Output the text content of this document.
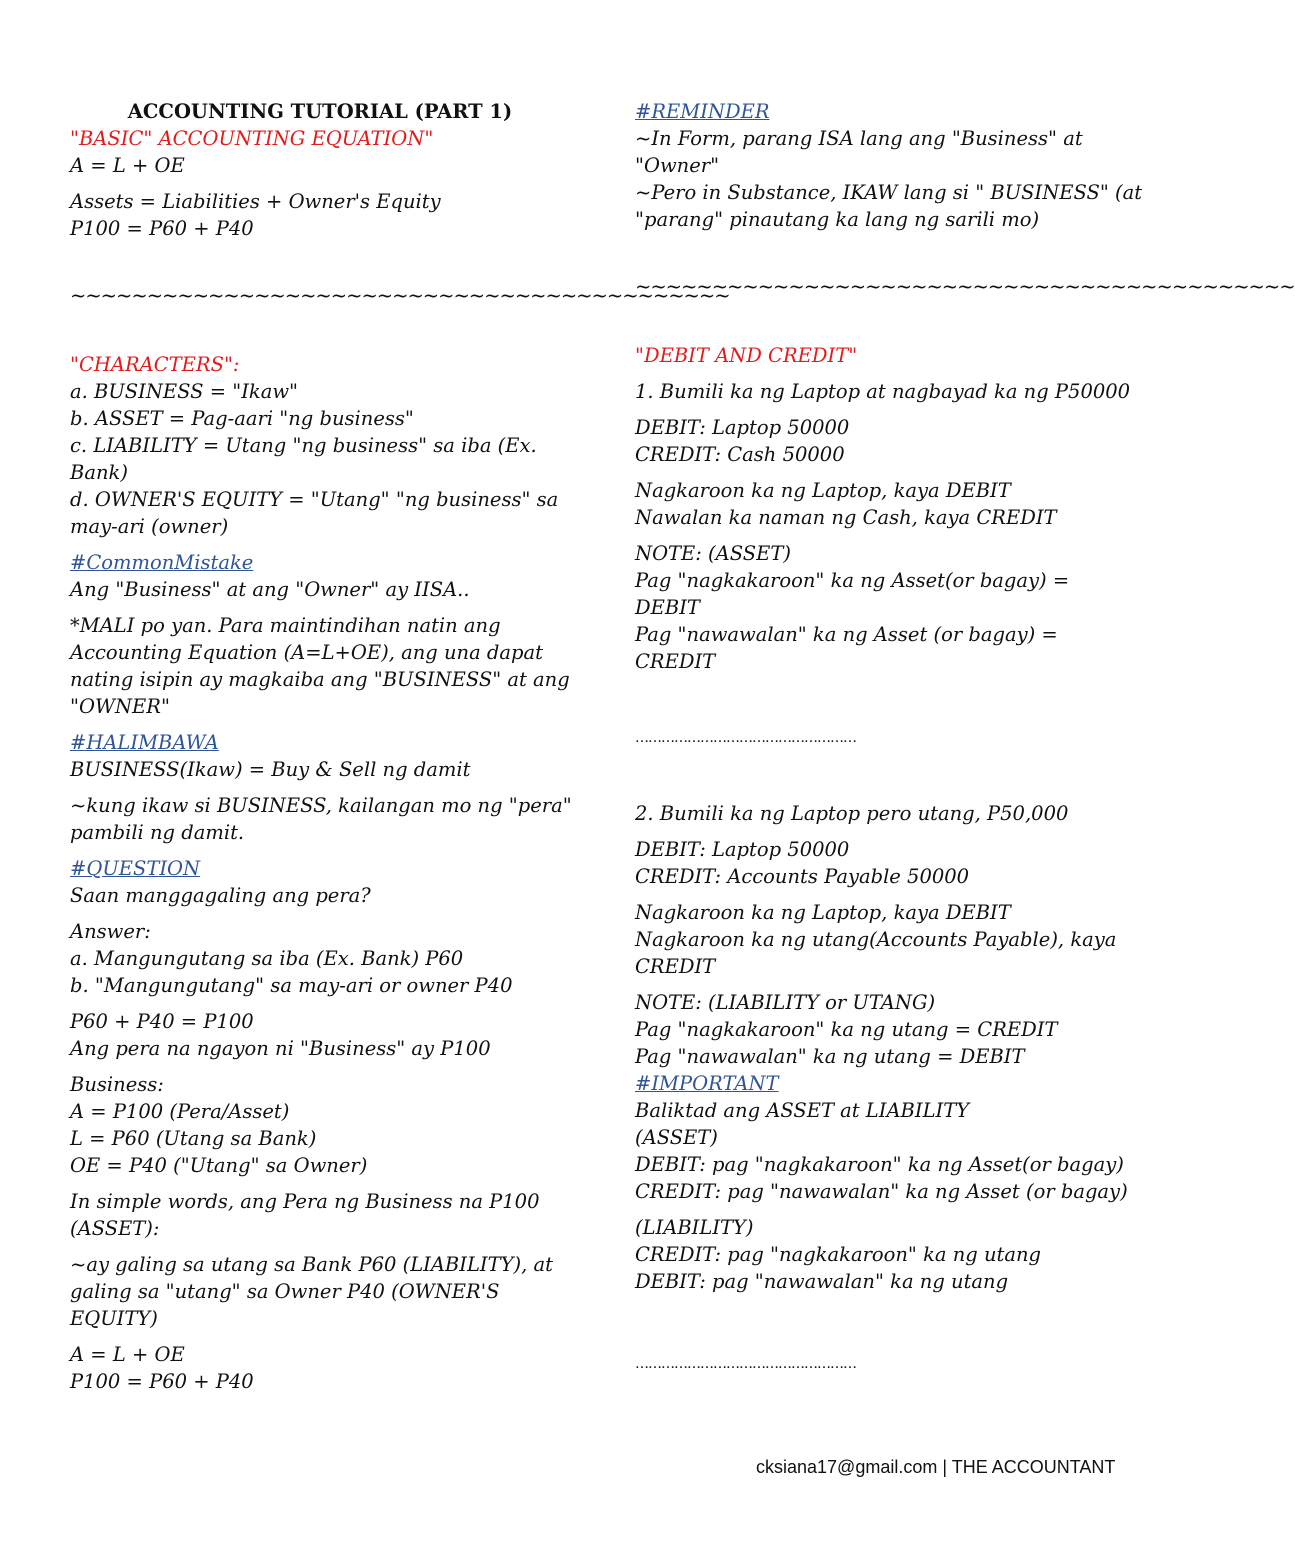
ACCOUNTING TUTORIAL (PART 1)
"BASIC" ACCOUNTING EQUATION"
A = L + OE
Assets = Liabilities + Owner's Equity
P100 = P60 + P40
~~~~~~~~~~~~~~~~~~~~~~~~~~~~~~~~~~~~~~~~~~~
"CHARACTERS":
a. BUSINESS = "Ikaw"
b. ASSET = Pag-aari "ng business"
c. LIABILITY = Utang "ng business" sa iba (Ex.
Bank)
d. OWNER'S EQUITY = "Utang" "ng business" sa
may-ari (owner)
#CommonMistake
Ang "Business" at ang "Owner" ay IISA..
*MALI po yan. Para maintindihan natin ang
Accounting Equation (A=L+OE), ang una dapat
nating isipin ay magkaiba ang "BUSINESS" at ang
"OWNER"
#HALIMBAWA
BUSINESS(Ikaw) = Buy & Sell ng damit
~kung ikaw si BUSINESS, kailangan mo ng "pera"
pambili ng damit.
#QUESTION
Saan manggagaling ang pera?
Answer:
a. Mangungutang sa iba (Ex. Bank) P60
b. "Mangungutang" sa may-ari or owner P40
P60 + P40 = P100
Ang pera na ngayon ni "Business" ay P100
Business:
A = P100 (Pera/Asset)
L = P60 (Utang sa Bank)
OE = P40 ("Utang" sa Owner)
In simple words, ang Pera ng Business na P100
(ASSET):
~ay galing sa utang sa Bank P60 (LIABILITY), at
galing sa "utang" sa Owner P40 (OWNER'S
EQUITY)
A = L + OE
P100 = P60 + P40
#REMINDER
~In Form, parang ISA lang ang "Business" at
"Owner"
~Pero in Substance, IKAW lang si " BUSINESS" (at
"parang" pinautang ka lang ng sarili mo)
~~~~~~~~~~~~~~~~~~~~~~~~~~~~~~~~~~~~~~~~~~~
"DEBIT AND CREDIT"
1. Bumili ka ng Laptop at nagbayad ka ng P50000
DEBIT: Laptop 50000
CREDIT: Cash 50000
Nagkaroon ka ng Laptop, kaya DEBIT
Nawalan ka naman ng Cash, kaya CREDIT
NOTE: (ASSET)
Pag "nagkakaroon" ka ng Asset(or bagay) =
DEBIT
Pag "nawawalan" ka ng Asset (or bagay) =
CREDIT
……………………………………………
2. Bumili ka ng Laptop pero utang, P50,000
DEBIT: Laptop 50000
CREDIT: Accounts Payable 50000
Nagkaroon ka ng Laptop, kaya DEBIT
Nagkaroon ka ng utang(Accounts Payable), kaya
CREDIT
NOTE: (LIABILITY or UTANG)
Pag "nagkakaroon" ka ng utang = CREDIT
Pag "nawawalan" ka ng utang = DEBIT
#IMPORTANT
Baliktad ang ASSET at LIABILITY
(ASSET)
DEBIT: pag "nagkakaroon" ka ng Asset(or bagay)
CREDIT: pag "nawawalan" ka ng Asset (or bagay)
(LIABILITY)
CREDIT: pag "nagkakaroon" ka ng utang
DEBIT: pag "nawawalan" ka ng utang
……………………………………………
cksiana17@gmail.com | THE ACCOUNTANT
